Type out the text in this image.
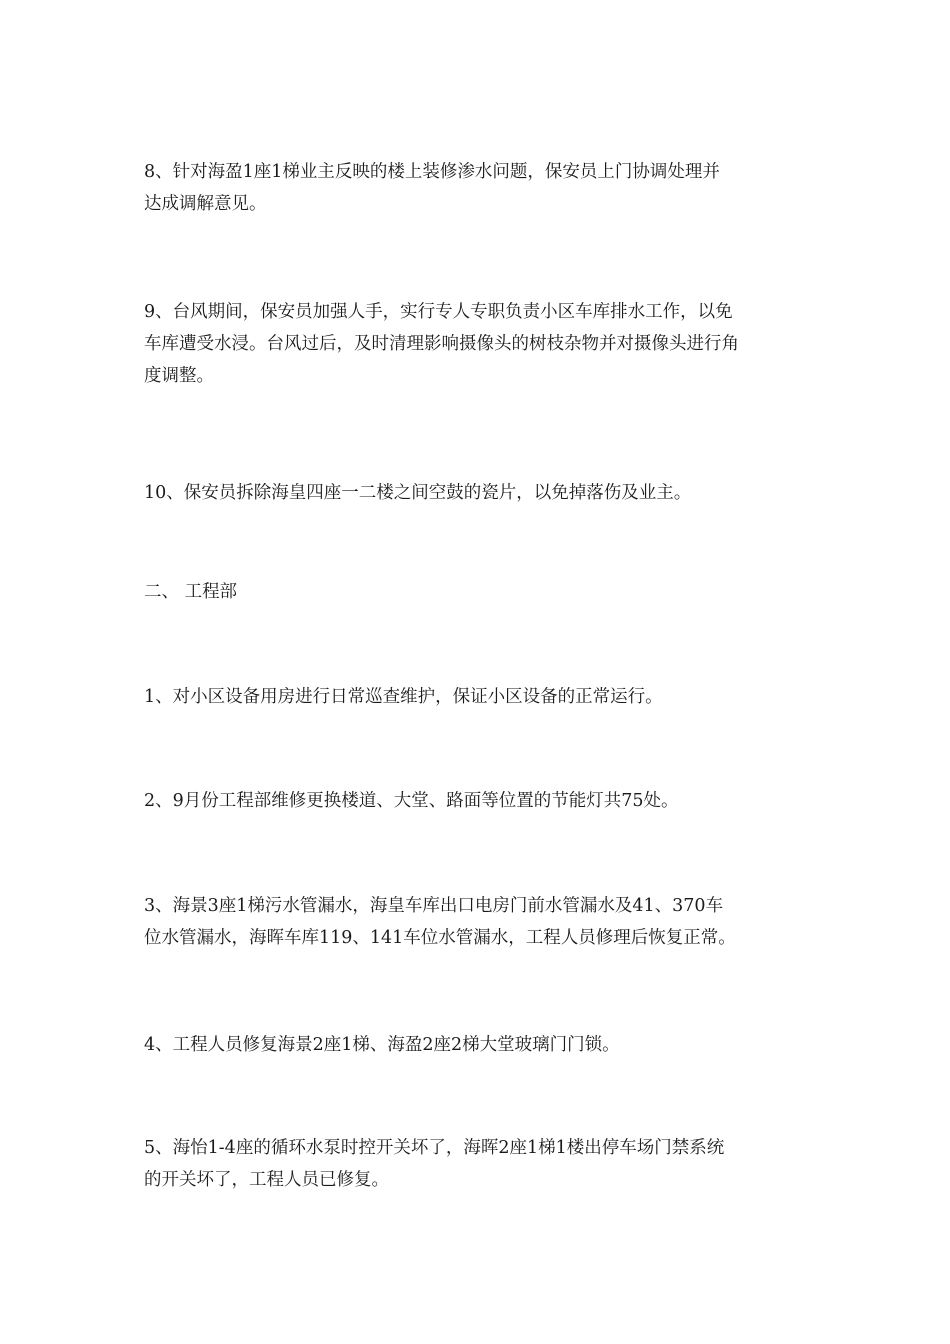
8、针对海盈1座1梯业主反映的楼上装修渗水问题，保安员上门协调处理并
达成调解意见。

9、台风期间，保安员加强人手，实行专人专职负责小区车库排水工作，以免
车库遭受水浸。台风过后，及时清理影响摄像头的树枝杂物并对摄像头进行角
度调整。

10、保安员拆除海皇四座一二楼之间空鼓的瓷片，以免掉落伤及业主。

二、 工程部

1、对小区设备用房进行日常巡查维护，保证小区设备的正常运行。

2、9月份工程部维修更换楼道、大堂、路面等位置的节能灯共75处。

3、海景3座1梯污水管漏水，海皇车库出口电房门前水管漏水及41、370车
位水管漏水，海晖车库119、141车位水管漏水，工程人员修理后恢复正常。

4、工程人员修复海景2座1梯、海盈2座2梯大堂玻璃门门锁。

5、海怡1-4座的循环水泵时控开关坏了，海晖2座1梯1楼出停车场门禁系统
的开关坏了，工程人员已修复。
